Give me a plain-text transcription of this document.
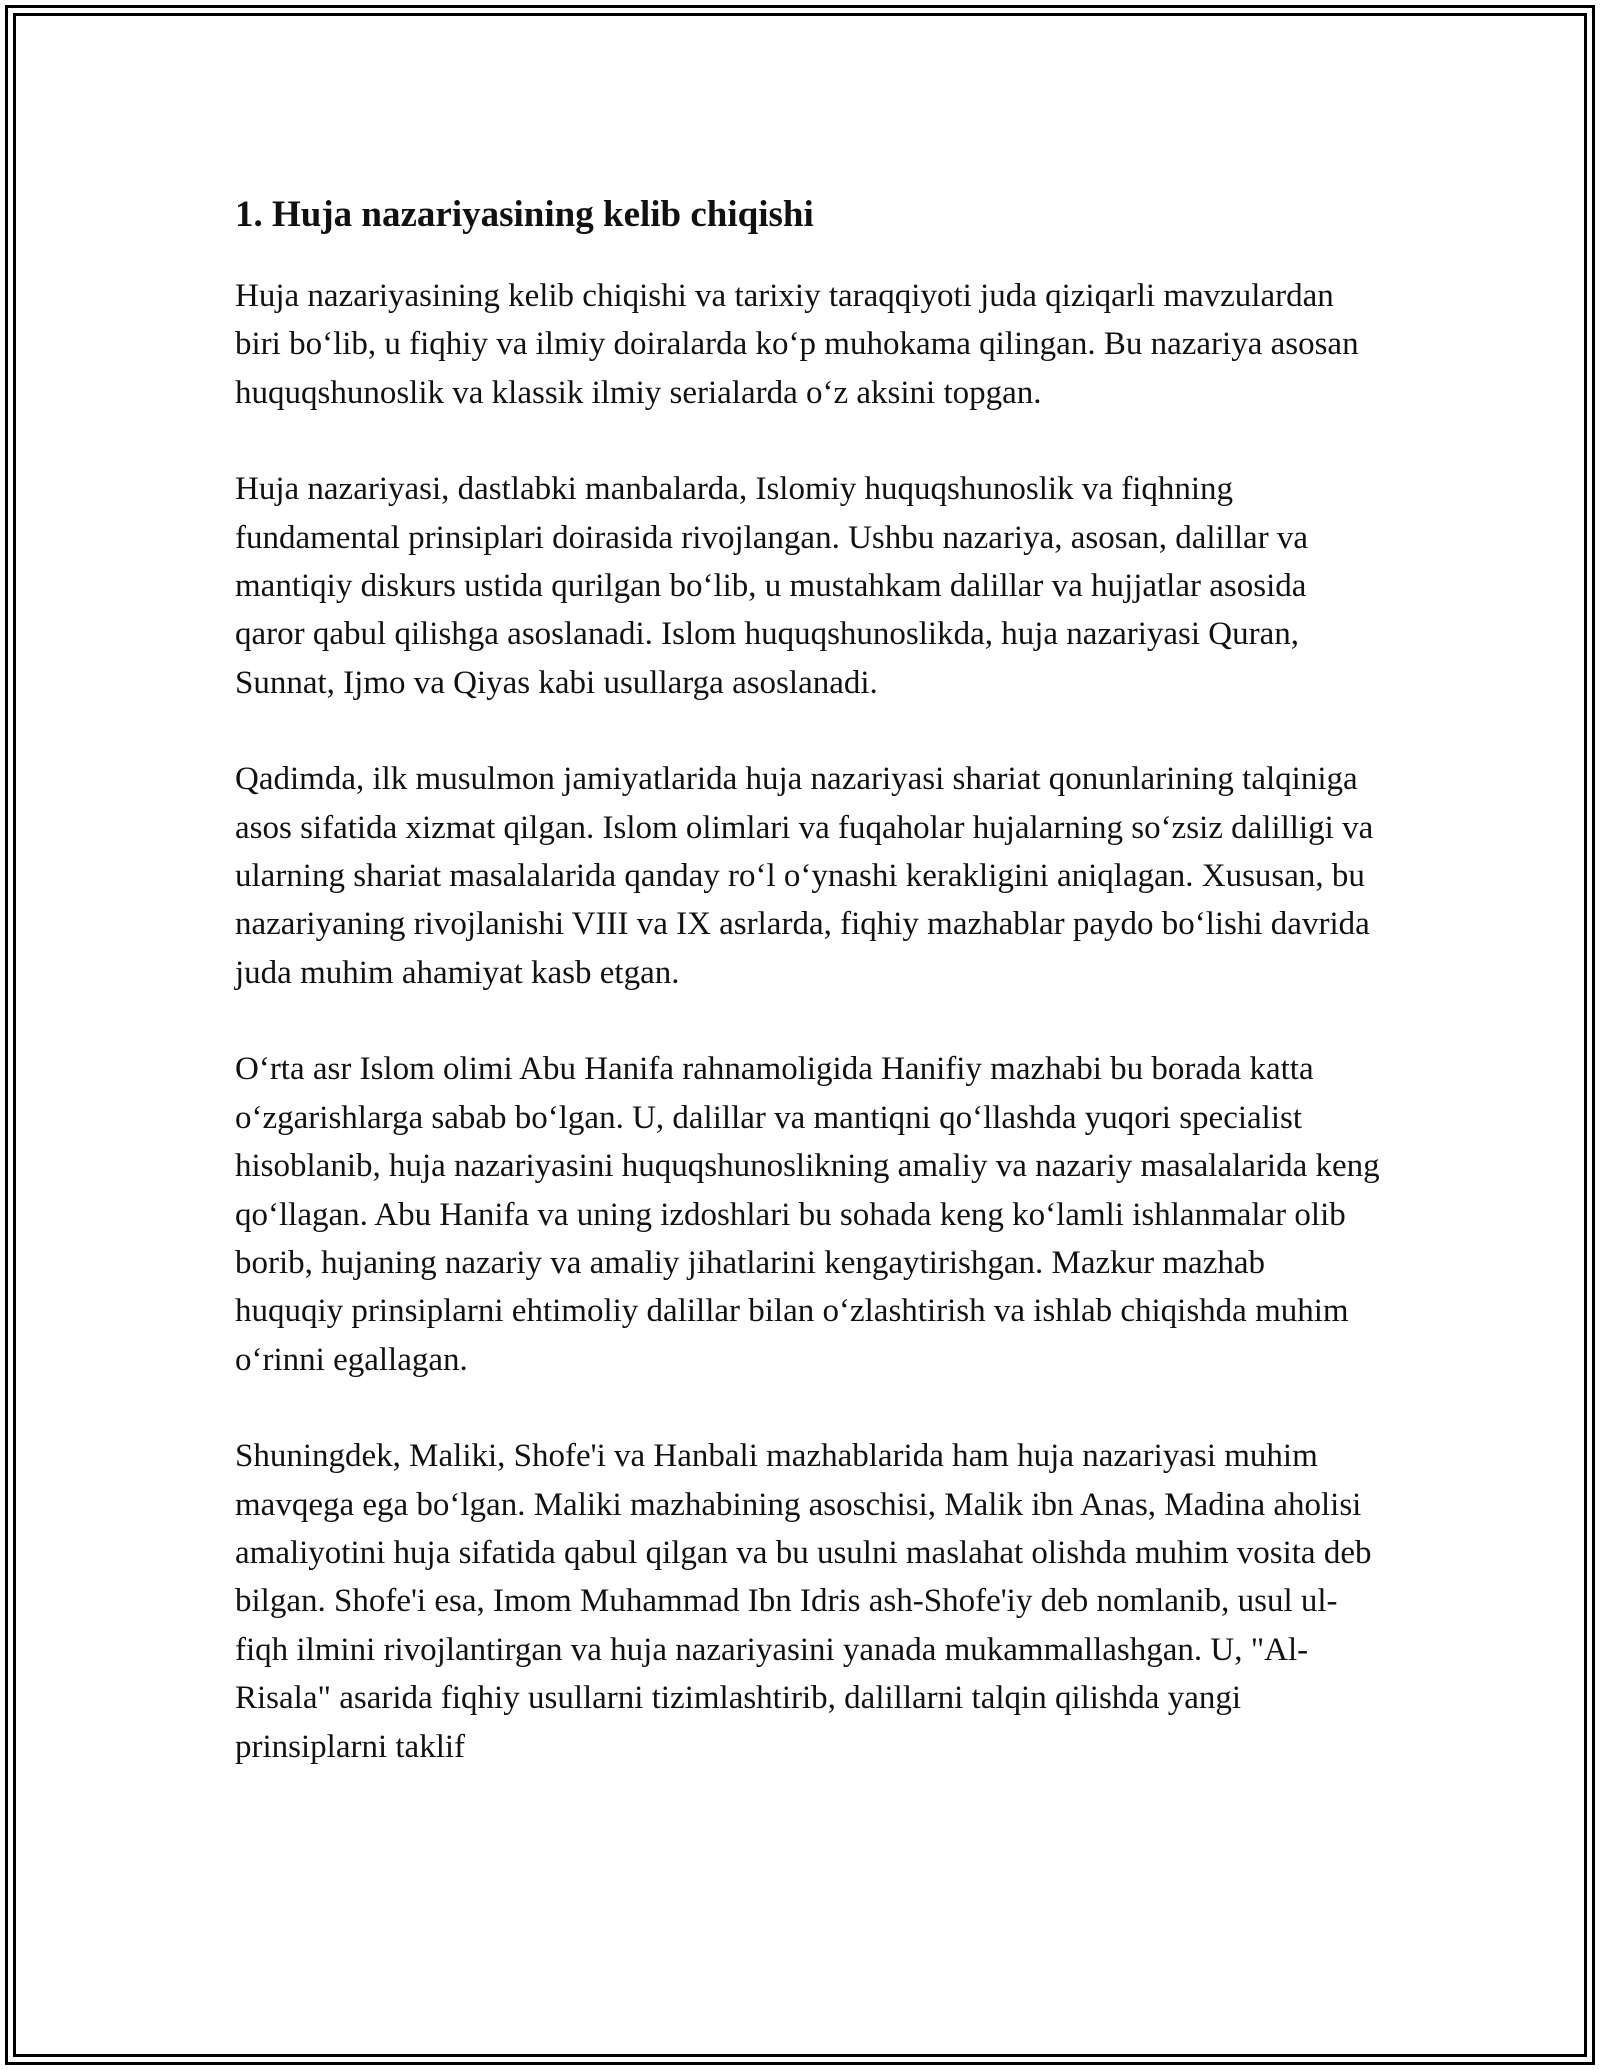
1. Huja nazariyasining kelib chiqishi

Huja nazariyasining kelib chiqishi va tarixiy taraqqiyoti juda qiziqarli mavzulardan biri bo‘lib, u fiqhiy va ilmiy doiralarda ko‘p muhokama qilingan. Bu nazariya asosan huquqshunoslik va klassik ilmiy serialarda o‘z aksini topgan.

Huja nazariyasi, dastlabki manbalarda, Islomiy huquqshunoslik va fiqhning fundamental prinsiplari doirasida rivojlangan. Ushbu nazariya, asosan, dalillar va mantiqiy diskurs ustida qurilgan bo‘lib, u mustahkam dalillar va hujjatlar asosida qaror qabul qilishga asoslanadi. Islom huquqshunoslikda, huja nazariyasi Quran, Sunnat, Ijmo va Qiyas kabi usullarga asoslanadi.

Qadimda, ilk musulmon jamiyatlarida huja nazariyasi shariat qonunlarining talqiniga asos sifatida xizmat qilgan. Islom olimlari va fuqaholar hujalarning so‘zsiz dalilligi va ularning shariat masalalarida qanday ro‘l o‘ynashi kerakligini aniqlagan. Xususan, bu nazariyaning rivojlanishi VIII va IX asrlarda, fiqhiy mazhablar paydo bo‘lishi davrida juda muhim ahamiyat kasb etgan.

O‘rta asr Islom olimi Abu Hanifa rahnamoligida Hanifiy mazhabi bu borada katta o‘zgarishlarga sabab bo‘lgan. U, dalillar va mantiqni qo‘llashda yuqori specialist hisoblanib, huja nazariyasini huquqshunoslikning amaliy va nazariy masalalarida keng qo‘llagan. Abu Hanifa va uning izdoshlari bu sohada keng ko‘lamli ishlanmalar olib borib, hujaning nazariy va amaliy jihatlarini kengaytirishgan. Mazkur mazhab huquqiy prinsiplarni ehtimoliy dalillar bilan o‘zlashtirish va ishlab chiqishda muhim o‘rinni egallagan.

Shuningdek, Maliki, Shofe'i va Hanbali mazhablarida ham huja nazariyasi muhim mavqega ega bo‘lgan. Maliki mazhabining asoschisi, Malik ibn Anas, Madina aholisi amaliyotini huja sifatida qabul qilgan va bu usulni maslahat olishda muhim vosita deb bilgan. Shofe'i esa, Imom Muhammad Ibn Idris ash-Shofe'iy deb nomlanib, usul ul-fiqh ilmini rivojlantirgan va huja nazariyasini yanada mukammallashgan. U, "Al-Risala" asarida fiqhiy usullarni tizimlashtirib, dalillarni talqin qilishda yangi prinsiplarni taklif
